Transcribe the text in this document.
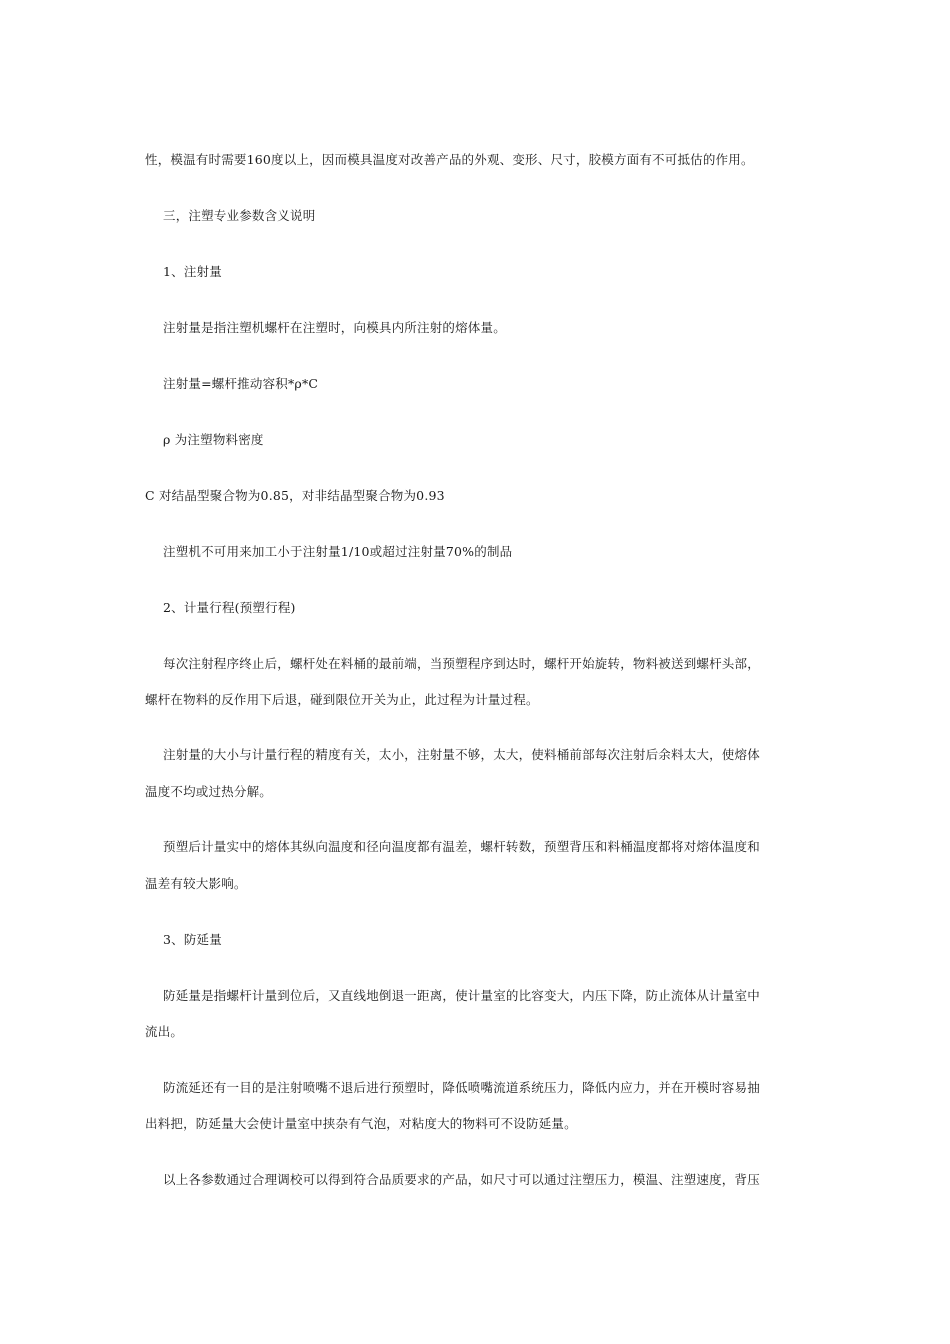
性，模温有时需要160度以上，因而模具温度对改善产品的外观、变形、尺寸，胶模方面有不可抵估的作用。
三，注塑专业参数含义说明
1、注射量
注射量是指注塑机螺杆在注塑时，向模具内所注射的熔体量。
注射量=螺杆推动容积*ρ*C
ρ 为注塑物料密度
C 对结晶型聚合物为0.85，对非结晶型聚合物为0.93
注塑机不可用来加工小于注射量1/10或超过注射量70%的制品
2、计量行程(预塑行程)
每次注射程序终止后，螺杆处在料桶的最前端，当预塑程序到达时，螺杆开始旋转，物料被送到螺杆头部，
螺杆在物料的反作用下后退，碰到限位开关为止，此过程为计量过程。
注射量的大小与计量行程的精度有关，太小，注射量不够，太大，使料桶前部每次注射后余料太大，使熔体
温度不均或过热分解。
预塑后计量实中的熔体其纵向温度和径向温度都有温差，螺杆转数，预塑背压和料桶温度都将对熔体温度和
温差有较大影响。
3、防延量
防延量是指螺杆计量到位后，又直线地倒退一距离，使计量室的比容变大，内压下降，防止流体从计量室中
流出。
防流延还有一目的是注射喷嘴不退后进行预塑时，降低喷嘴流道系统压力，降低内应力，并在开模时容易抽
出料把，防延量大会使计量室中挟杂有气泡，对粘度大的物料可不设防延量。
以上各参数通过合理调校可以得到符合品质要求的产品，如尺寸可以通过注塑压力，模温、注塑速度，背压
